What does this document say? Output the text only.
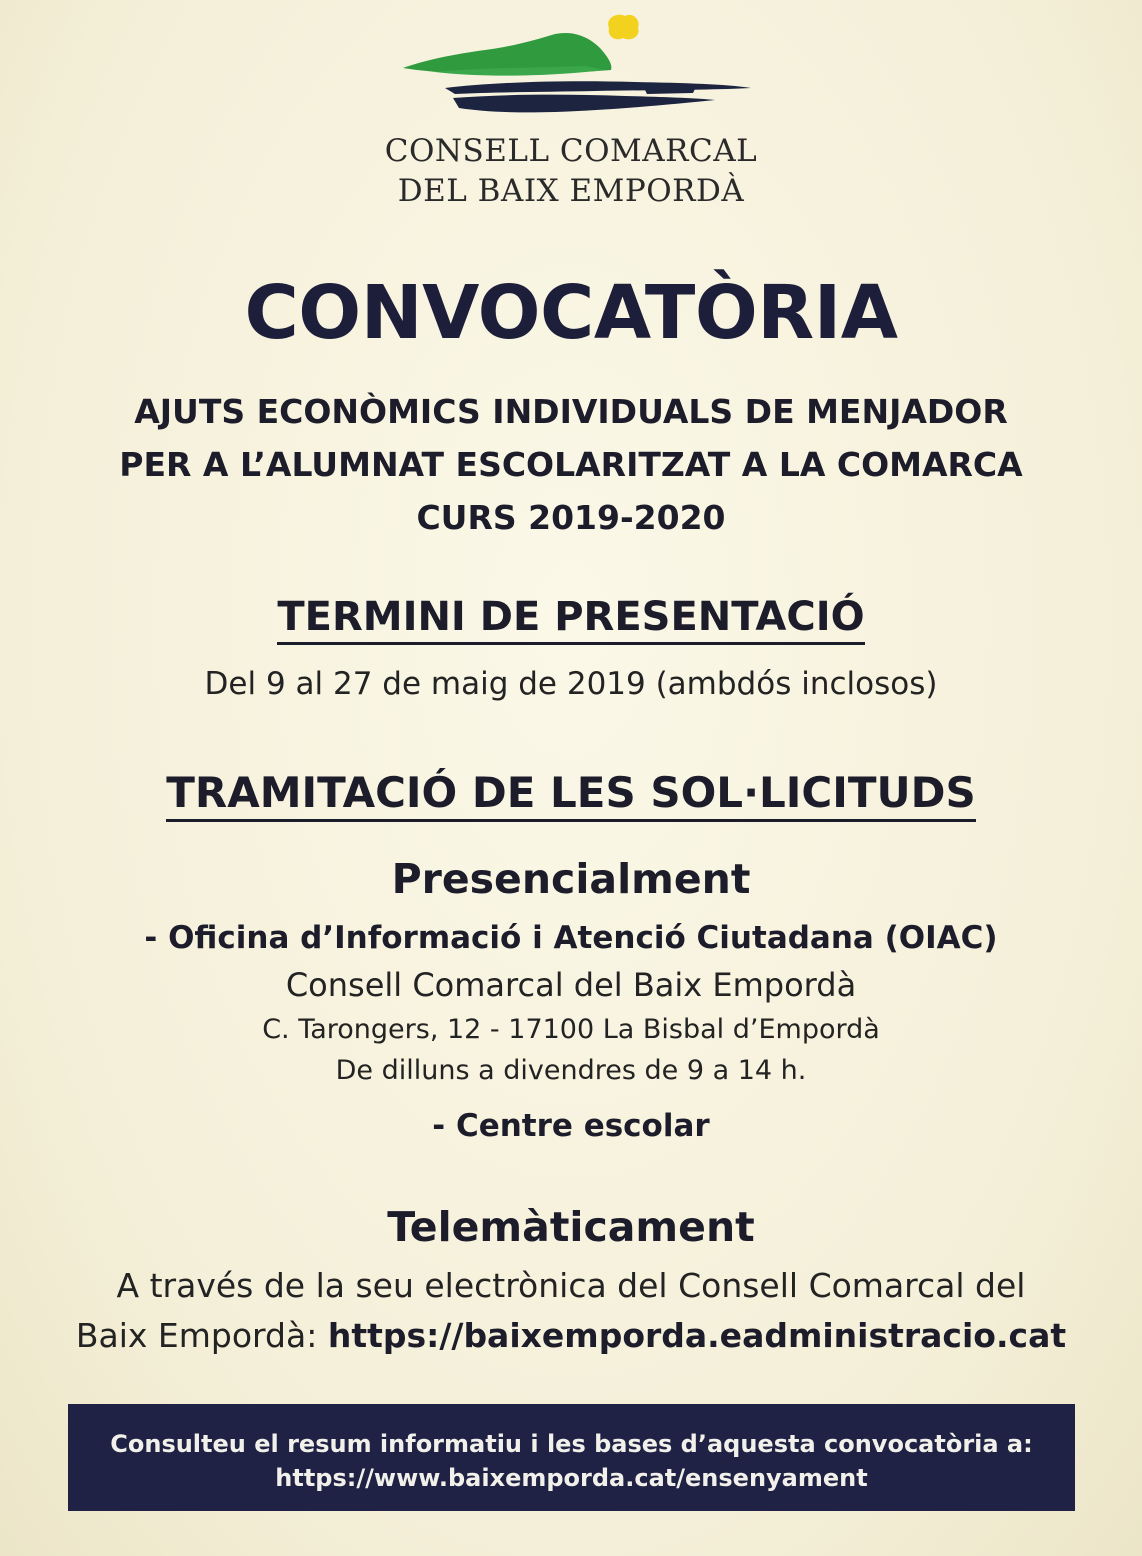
CONSELL COMARCAL
DEL BAIX EMPORDÀ
CONVOCATÒRIA
AJUTS ECONÒMICS INDIVIDUALS DE MENJADOR
PER A L’ALUMNAT ESCOLARITZAT A LA COMARCA
CURS 2019-2020
TERMINI DE PRESENTACIÓ
Del 9 al 27 de maig de 2019 (ambdós inclosos)
TRAMITACIÓ DE LES SOL·LICITUDS
Presencialment
- Oficina d’Informació i Atenció Ciutadana (OIAC)
Consell Comarcal del Baix Empordà
C. Tarongers, 12 - 17100 La Bisbal d’Empordà
De dilluns a divendres de 9 a 14 h.
- Centre escolar
Telemàticament
A través de la seu electrònica del Consell Comarcal del
Baix Empordà: https://baixemporda.eadministracio.cat
Consulteu el resum informatiu i les bases d’aquesta convocatòria a:
https://www.baixemporda.cat/ensenyament
